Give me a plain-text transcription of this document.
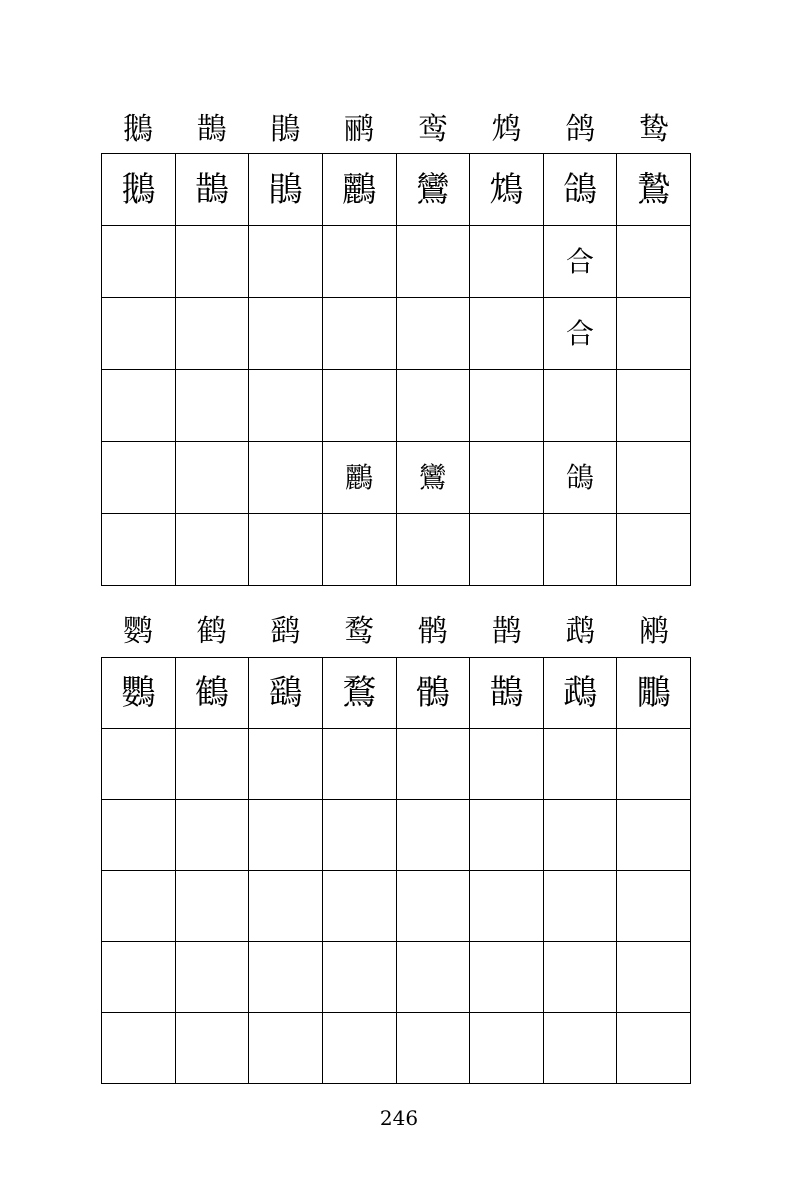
鵝	鵲	鵑	鹂	鸾	鸩	鸽	鸷
鵝	鵲	鵑	鸝	鸞	鴆	鴿	鷙
						合	
						合	

			鸝	鸞		鴿	

鹦	鹤	鹞	鹜	鹘	鹊	鹉	鹇
鸚	鶴	鷂	鶩	鶻	鵲	鵡	鷳

246
